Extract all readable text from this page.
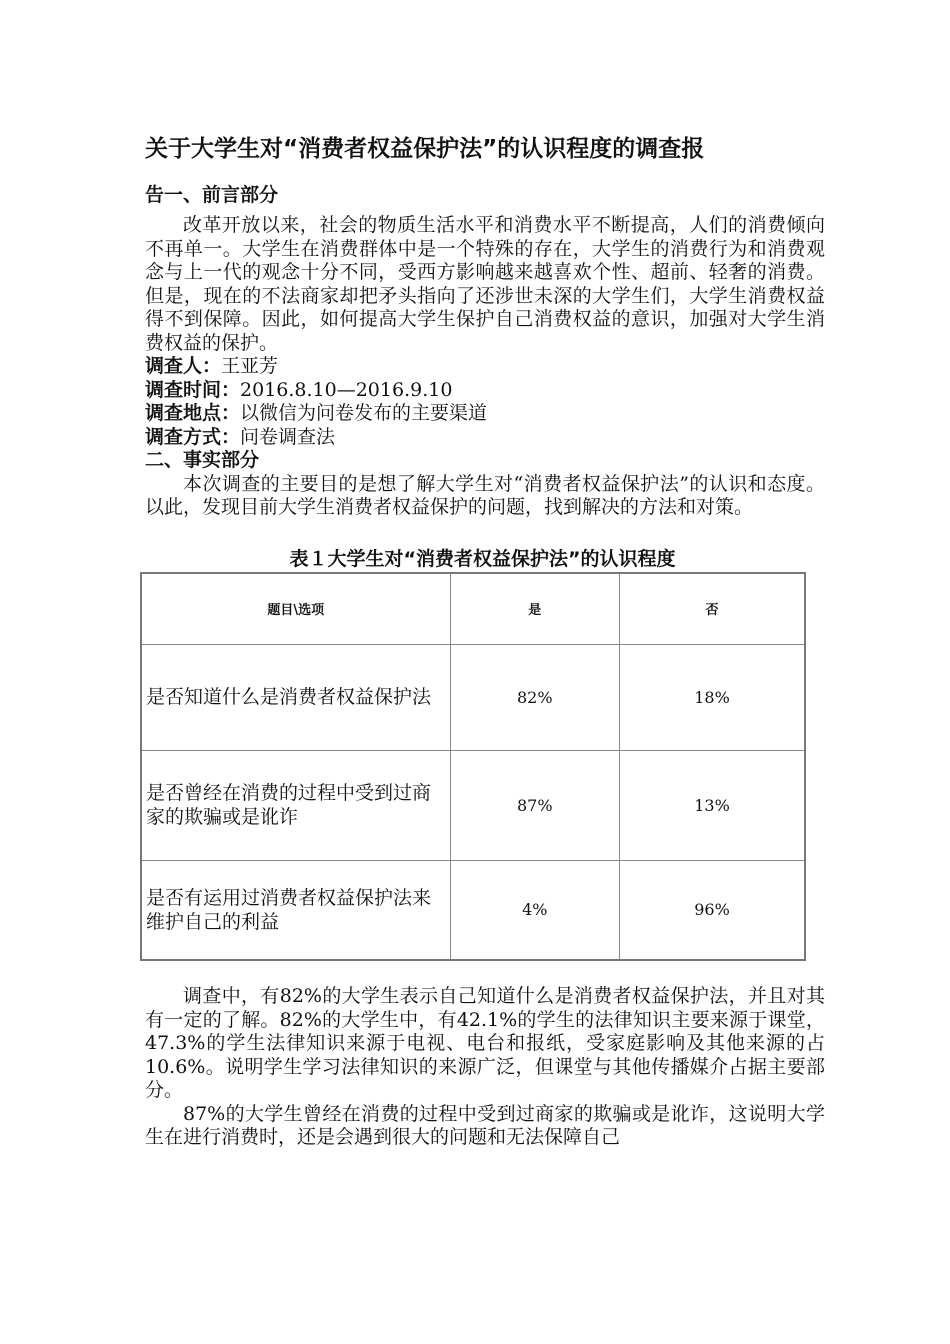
关于大学生对“消费者权益保护法”的认识程度的调查报
告一、前言部分

改革开放以来，社会的物质生活水平和消费水平不断提高，人们的消费倾向不再单一。大学生在消费群体中是一个特殊的存在，大学生的消费行为和消费观念与上一代的观念十分不同，受西方影响越来越喜欢个性、超前、轻奢的消费。但是，现在的不法商家却把矛头指向了还涉世未深的大学生们，大学生消费权益得不到保障。因此，如何提高大学生保护自己消费权益的意识，加强对大学生消费权益的保护。

调查人：王亚芳

调查时间：2016.8.10—2016.9.10

调查地点：以微信为问卷发布的主要渠道

调查方式：问卷调查法

二、事实部分

本次调查的主要目的是想了解大学生对“消费者权益保护法”的认识和态度。以此，发现目前大学生消费者权益保护的问题，找到解决的方法和对策。

表１大学生对“消费者权益保护法”的认识程度
题目\选项	是	否
是否知道什么是消费者权益保护法	82%	18%
是否曾经在消费的过程中受到过商家的欺骗或是讹诈	87%	13%
是否有运用过消费者权益保护法来维护自己的利益	4%	96%

调查中，有82%的大学生表示自己知道什么是消费者权益保护法，并且对其有一定的了解。82%的大学生中，有42.1%的学生的法律知识主要来源于课堂，47.3%的学生法律知识来源于电视、电台和报纸，受家庭影响及其他来源的占10.6%。说明学生学习法律知识的来源广泛，但课堂与其他传播媒介占据主要部分。

87%的大学生曾经在消费的过程中受到过商家的欺骗或是讹诈，这说明大学生在进行消费时，还是会遇到很大的问题和无法保障自己
